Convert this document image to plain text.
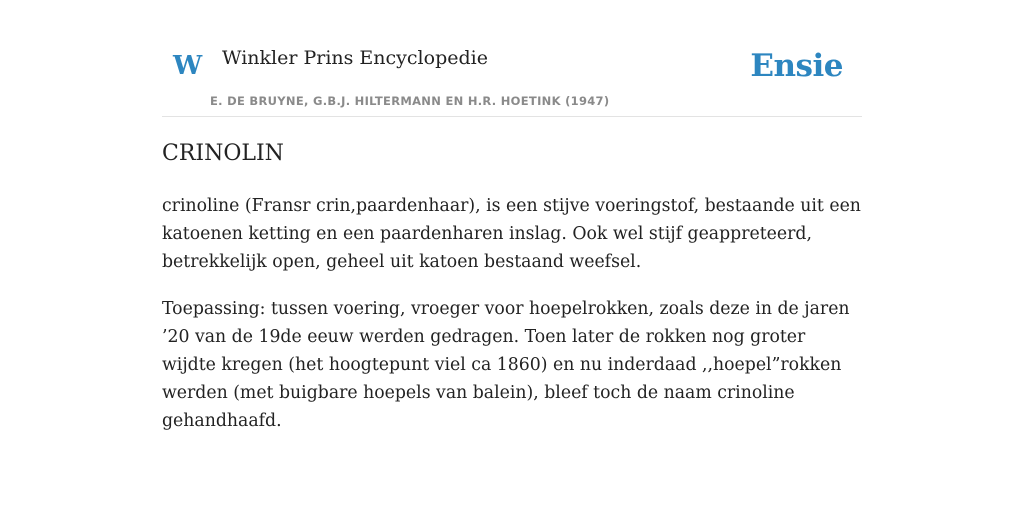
W Winkler Prins Encyclopedie
E. DE BRUYNE, G.B.J. HILTERMANN EN H.R. HOETINK (1947)
Ensie
CRINOLIN

crinoline (Fransr crin,paardenhaar), is een stijve voeringstof, bestaande uit een katoenen ketting en een paardenharen inslag. Ook wel stijf geappreteerd, betrekkelijk open, geheel uit katoen bestaand weefsel.

Toepassing: tussen voering, vroeger voor hoepelrokken, zoals deze in de jaren ’20 van de 19de eeuw werden gedragen. Toen later de rokken nog groter wijdte kregen (het hoogtepunt viel ca 1860) en nu inderdaad ,,hoepel”rokken werden (met buigbare hoepels van balein), bleef toch de naam crinoline gehandhaafd.
